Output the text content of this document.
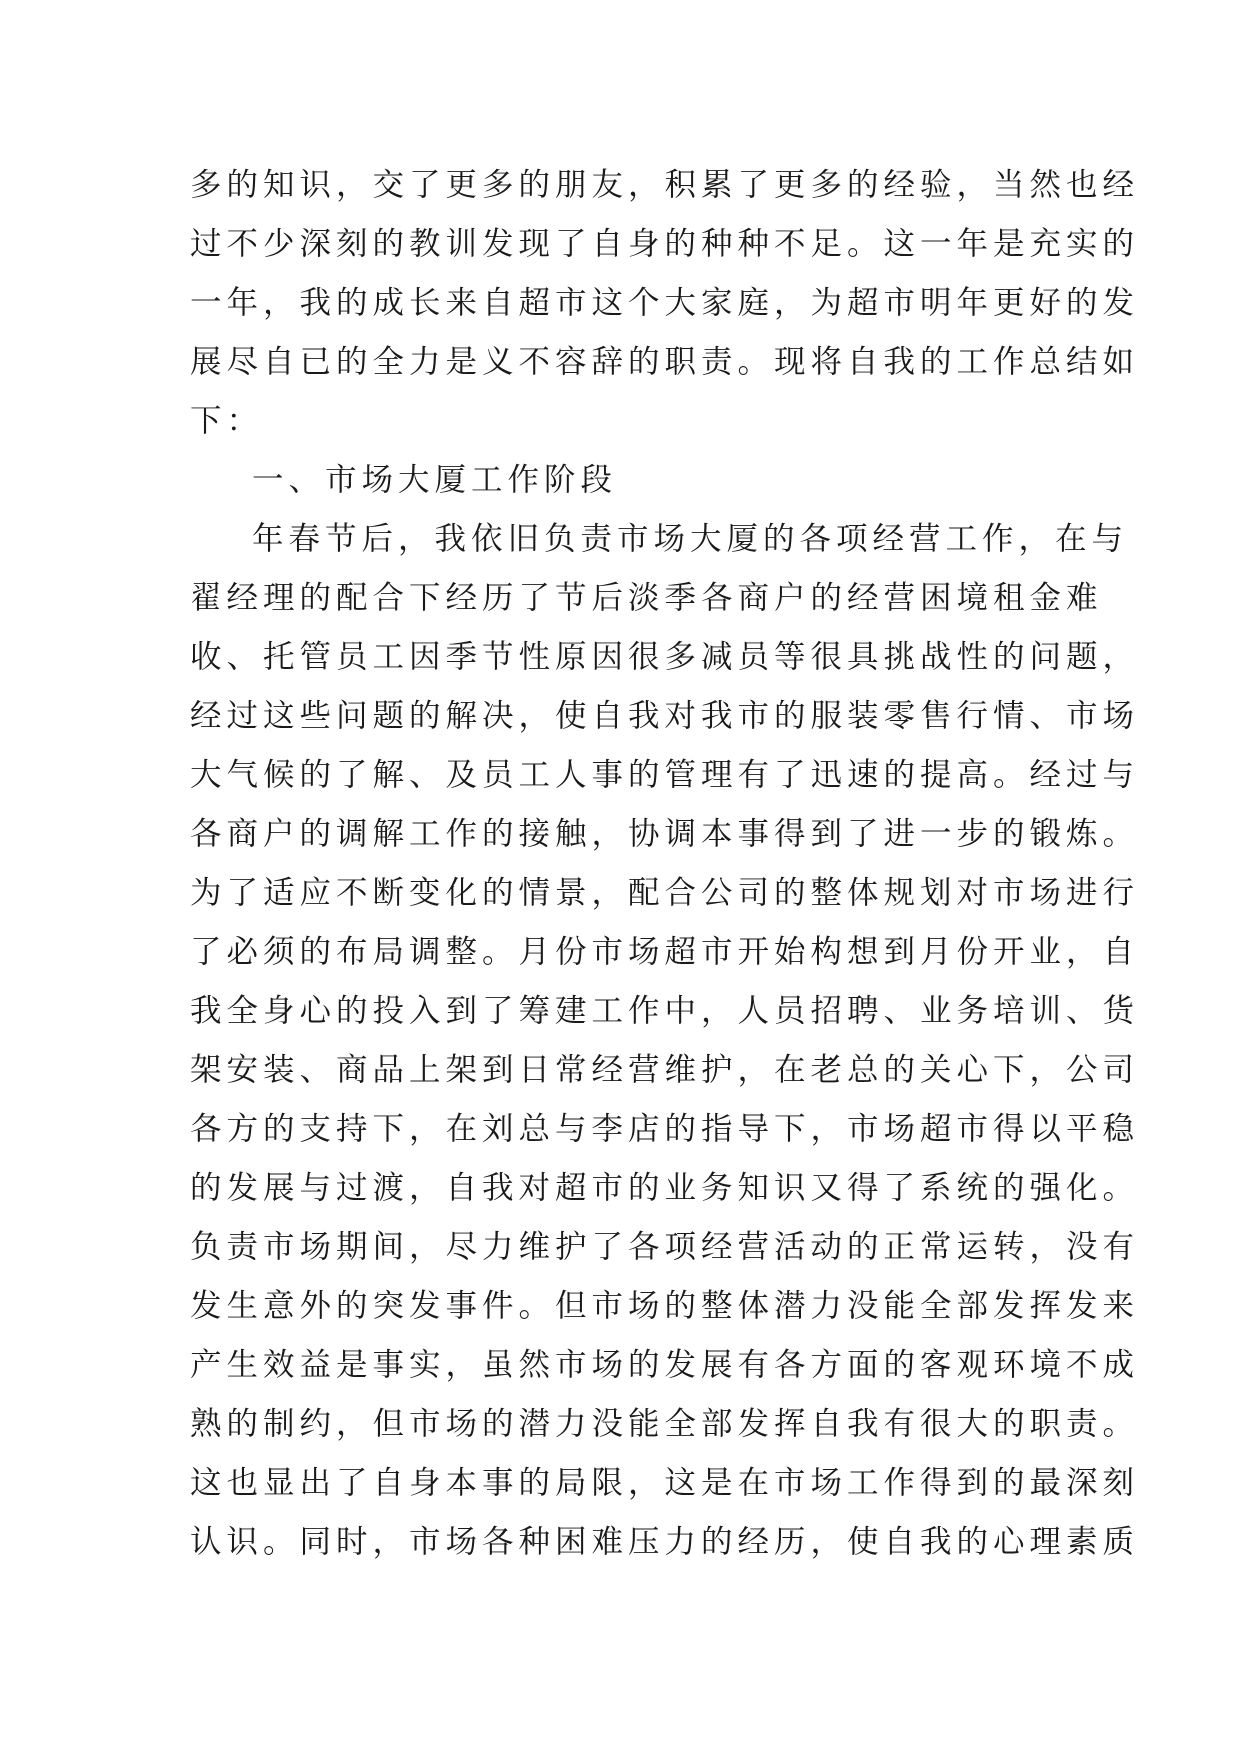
多的知识，交了更多的朋友，积累了更多的经验，当然也经

过不少深刻的教训发现了自身的种种不足。这一年是充实的

一年，我的成长来自超市这个大家庭，为超市明年更好的发

展尽自已的全力是义不容辞的职责。现将自我的工作总结如

下：

一、市场大厦工作阶段

年春节后，我依旧负责市场大厦的各项经营工作，在与

翟经理的配合下经历了节后淡季各商户的经营困境租金难

收、托管员工因季节性原因很多减员等很具挑战性的问题，

经过这些问题的解决，使自我对我市的服装零售行情、市场

大气候的了解、及员工人事的管理有了迅速的提高。经过与

各商户的调解工作的接触，协调本事得到了进一步的锻炼。

为了适应不断变化的情景，配合公司的整体规划对市场进行

了必须的布局调整。月份市场超市开始构想到月份开业，自

我全身心的投入到了筹建工作中，人员招聘、业务培训、货

架安装、商品上架到日常经营维护，在老总的关心下，公司

各方的支持下，在刘总与李店的指导下，市场超市得以平稳

的发展与过渡，自我对超市的业务知识又得了系统的强化。

负责市场期间，尽力维护了各项经营活动的正常运转，没有

发生意外的突发事件。但市场的整体潜力没能全部发挥发来

产生效益是事实，虽然市场的发展有各方面的客观环境不成

熟的制约，但市场的潜力没能全部发挥自我有很大的职责。

这也显出了自身本事的局限，这是在市场工作得到的最深刻

认识。同时，市场各种困难压力的经历，使自我的心理素质
